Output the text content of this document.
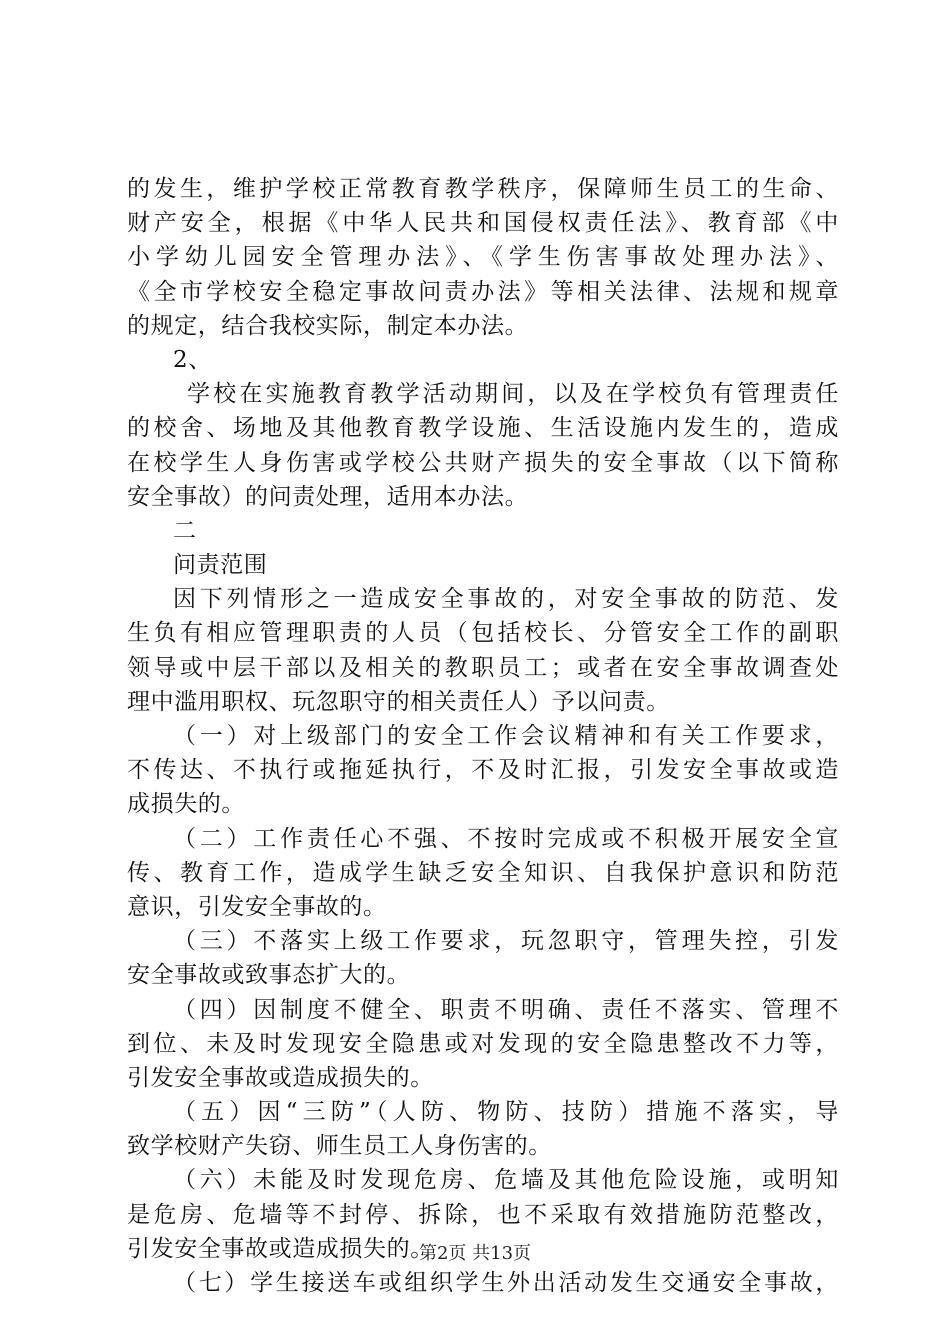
的发生，维护学校正常教育教学秩序，保障师生员工的生命、
财产安全，根据《中华人民共和国侵权责任法》、教育部《中
小学幼儿园安全管理办法》、《学生伤害事故处理办法》、
《全市学校安全稳定事故问责办法》等相关法律、法规和规章
的规定，结合我校实际，制定本办法。
2、
学校在实施教育教学活动期间，以及在学校负有管理责任
的校舍、场地及其他教育教学设施、生活设施内发生的，造成
在校学生人身伤害或学校公共财产损失的安全事故（以下简称
安全事故）的问责处理，适用本办法。
二
问责范围
因下列情形之一造成安全事故的，对安全事故的防范、发
生负有相应管理职责的人员（包括校长、分管安全工作的副职
领导或中层干部以及相关的教职员工；或者在安全事故调查处
理中滥用职权、玩忽职守的相关责任人）予以问责。
（一）对上级部门的安全工作会议精神和有关工作要求，
不传达、不执行或拖延执行，不及时汇报，引发安全事故或造
成损失的。
（二）工作责任心不强、不按时完成或不积极开展安全宣
传、教育工作，造成学生缺乏安全知识、自我保护意识和防范
意识，引发安全事故的。
（三）不落实上级工作要求，玩忽职守，管理失控，引发
安全事故或致事态扩大的。
（四）因制度不健全、职责不明确、责任不落实、管理不
到位、未及时发现安全隐患或对发现的安全隐患整改不力等，
引发安全事故或造成损失的。
（五）因“三防”（人防、物防、技防）措施不落实，导
致学校财产失窃、师生员工人身伤害的。
（六）未能及时发现危房、危墙及其他危险设施，或明知
是危房、危墙等不封停、拆除，也不采取有效措施防范整改，
引发安全事故或造成损失的。
（七）学生接送车或组织学生外出活动发生交通安全事故，
第2页 共13页
